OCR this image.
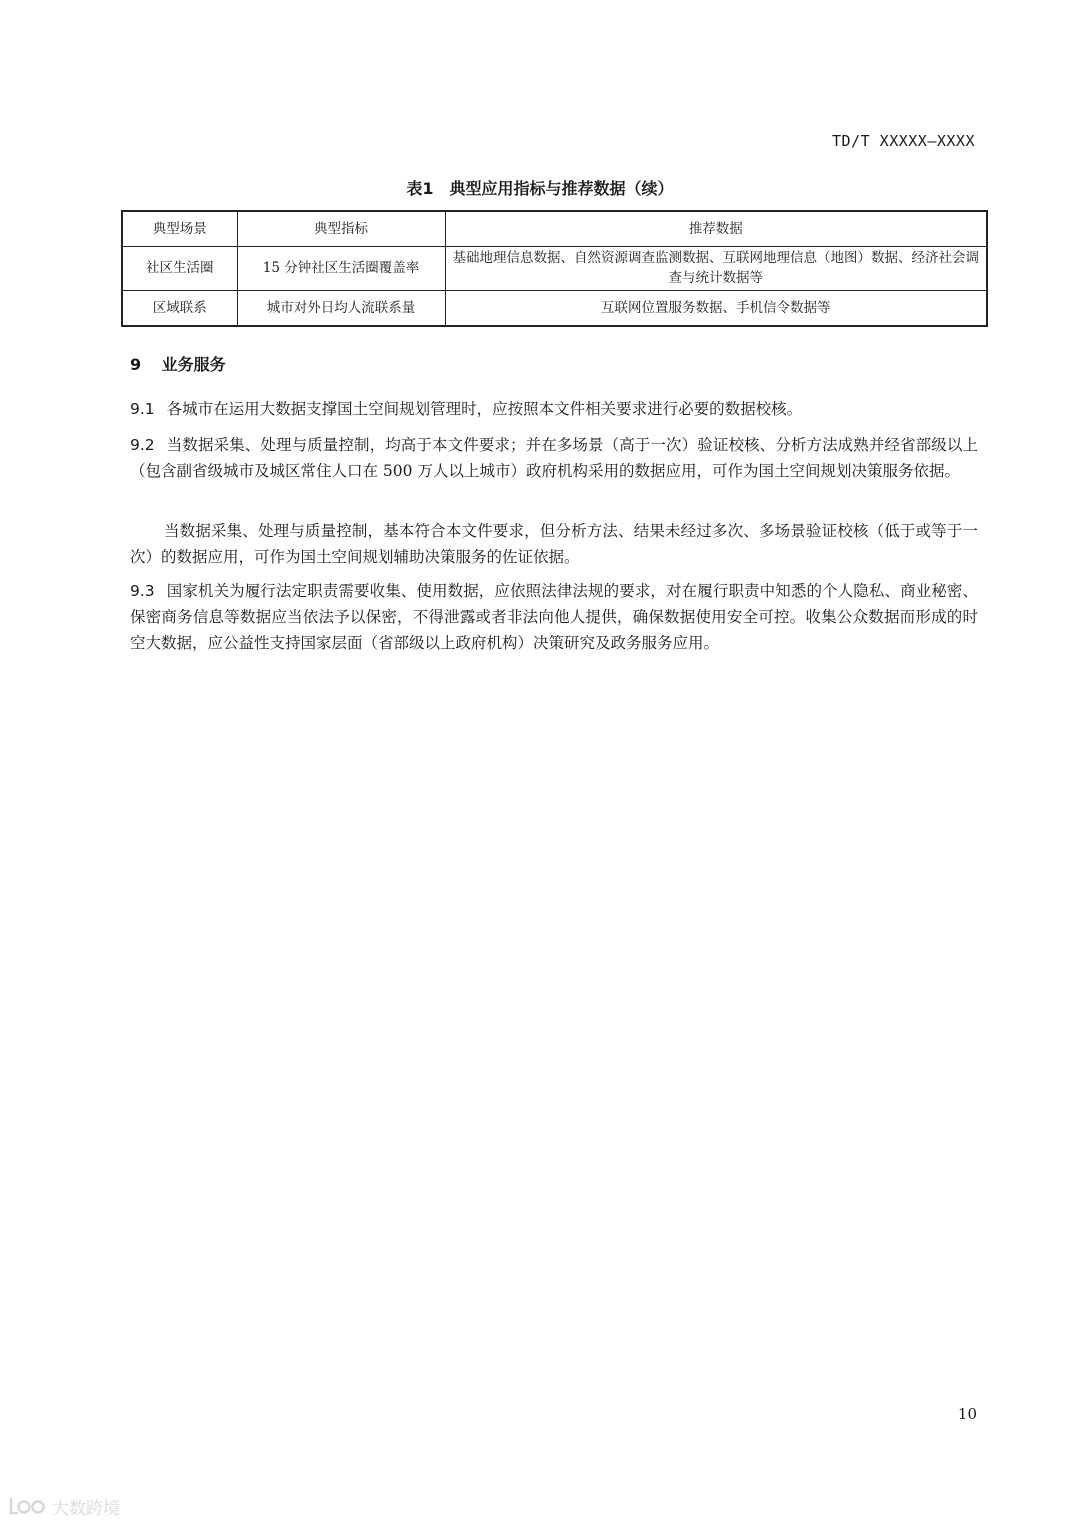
TD/T XXXXX—XXXX
表1　典型应用指标与推荐数据（续）
典型场景	典型指标	推荐数据
社区生活圈	15 分钟社区生活圈覆盖率	基础地理信息数据、自然资源调查监测数据、互联网地理信息（地图）数据、经济社会调查与统计数据等
区域联系	城市对外日均人流联系量	互联网位置服务数据、手机信令数据等
9 业务服务

9.1 各城市在运用大数据支撑国土空间规划管理时，应按照本文件相关要求进行必要的数据校核。

9.2 当数据采集、处理与质量控制，均高于本文件要求；并在多场景（高于一次）验证校核、分析方法成熟并经省部级以上（包含副省级城市及城区常住人口在 500 万人以上城市）政府机构采用的数据应用，可作为国土空间规划决策服务依据。

当数据采集、处理与质量控制，基本符合本文件要求，但分析方法、结果未经过多次、多场景验证校核（低于或等于一次）的数据应用，可作为国土空间规划辅助决策服务的佐证依据。

9.3 国家机关为履行法定职责需要收集、使用数据，应依照法律法规的要求，对在履行职责中知悉的个人隐私、商业秘密、保密商务信息等数据应当依法予以保密，不得泄露或者非法向他人提供，确保数据使用安全可控。收集公众数据而形成的时空大数据，应公益性支持国家层面（省部级以上政府机构）决策研究及政务服务应用。

10
大数跨境
